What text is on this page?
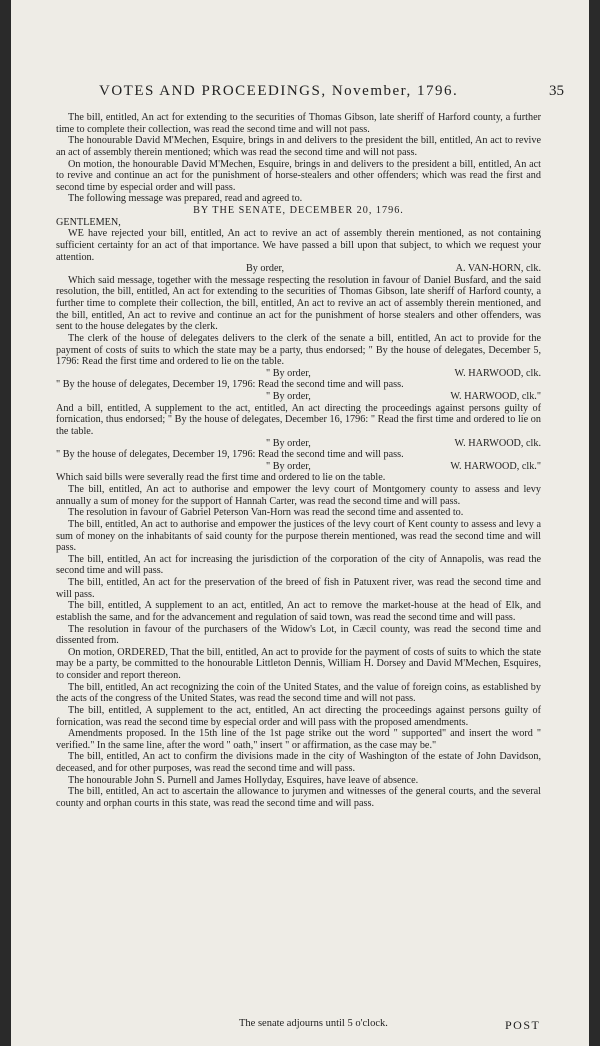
VOTES AND PROCEEDINGS, November, 1796.	35

The bill, entitled, An act for extending to the securities of Thomas Gibson, late sheriff of Harford county, a further time to complete their collection, was read the second time and will not pass.

The honourable David M'Mechen, Esquire, brings in and delivers to the president the bill, entitled, An act to revive an act of assembly therein mentioned; which was read the second time and will not pass.

On motion, the honourable David M'Mechen, Esquire, brings in and delivers to the president a bill, entitled, An act to revive and continue an act for the punishment of horse-stealers and other offenders; which was read the first and second time by especial order and will pass.

The following message was prepared, read and agreed to.

BY THE SENATE, DECEMBER 20, 1796.

GENTLEMEN,

WE have rejected your bill, entitled, An act to revive an act of assembly therein mentioned, as not containing sufficient certainty for an act of that importance. We have passed a bill upon that subject, to which we request your attention.

By order,	A. VAN-HORN, clk.

Which said message, together with the message respecting the resolution in favour of Daniel Busfard, and the said resolution, the bill, entitled, An act for extending to the securities of Thomas Gibson, late sheriff of Harford county, a further time to complete their collection, the bill, entitled, An act to revive an act of assembly therein mentioned, and the bill, entitled, An act to revive and continue an act for the punishment of horse stealers and other offenders, was sent to the house delegates by the clerk.

The clerk of the house of delegates delivers to the clerk of the senate a bill, entitled, An act to provide for the payment of costs of suits to which the state may be a party, thus endorsed; " By the house of delegates, December 5, 1796: Read the first time and ordered to lie on the table.

" By order,	W. HARWOOD, clk.

" By the house of delegates, December 19, 1796: Read the second time and will pass.

" By order,	W. HARWOOD, clk."

And a bill, entitled, A supplement to the act, entitled, An act directing the proceedings against persons guilty of fornication, thus endorsed; " By the house of delegates, December 16, 1796: " Read the first time and ordered to lie on the table.

" By order,	W. HARWOOD, clk.

" By the house of delegates, December 19, 1796: Read the second time and will pass.

" By order,	W. HARWOOD, clk."

Which said bills were severally read the first time and ordered to lie on the table.

The bill, entitled, An act to authorise and empower the levy court of Montgomery county to assess and levy annually a sum of money for the support of Hannah Carter, was read the second time and will pass.

The resolution in favour of Gabriel Peterson Van-Horn was read the second time and assented to.

The bill, entitled, An act to authorise and empower the justices of the levy court of Kent county to assess and levy a sum of money on the inhabitants of said county for the purpose therein mentioned, was read the second time and will pass.

The bill, entitled, An act for increasing the jurisdiction of the corporation of the city of Annapolis, was read the second time and will pass.

The bill, entitled, An act for the preservation of the breed of fish in Patuxent river, was read the second time and will pass.

The bill, entitled, A supplement to an act, entitled, An act to remove the market-house at the head of Elk, and establish the same, and for the advancement and regulation of said town, was read the second time and will pass.

The resolution in favour of the purchasers of the Widow's Lot, in Cæcil county, was read the second time and dissented from.

On motion, ORDERED, That the bill, entitled, An act to provide for the payment of costs of suits to which the state may be a party, be committed to the honourable Littleton Dennis, William H. Dorsey and David M'Mechen, Esquires, to consider and report thereon.

The bill, entitled, An act recognizing the coin of the United States, and the value of foreign coins, as established by the acts of the congress of the United States, was read the second time and will not pass.

The bill, entitled, A supplement to the act, entitled, An act directing the proceedings against persons guilty of fornication, was read the second time by especial order and will pass with the proposed amendments.

Amendments proposed. In the 15th line of the 1st page strike out the word " supported" and insert the word " verified." In the same line, after the word " oath," insert " or affirmation, as the case may be."

The bill, entitled, An act to confirm the divisions made in the city of Washington of the estate of John Davidson, deceased, and for other purposes, was read the second time and will pass.

The honourable John S. Purnell and James Hollyday, Esquires, have leave of absence.

The bill, entitled, An act to ascertain the allowance to jurymen and witnesses of the general courts, and the several county and orphan courts in this state, was read the second time and will pass.

The senate adjourns until 5 o'clock.	POST
